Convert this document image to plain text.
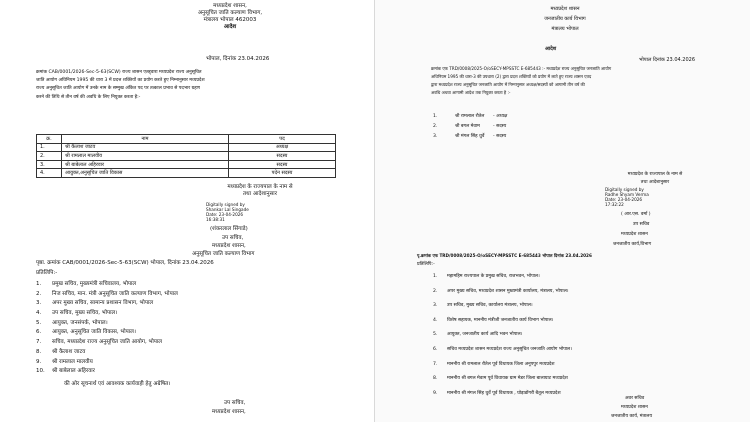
मध्यप्रदेश शासन,
अनुसूचित जाति कल्याण विभाग,
मंत्रालय भोपाल 462003
आदेश
भोपाल, दिनांक 23.04.2026
क्रमांक CAB/0001/2026-Sec-5-63(SCW) राज्य शासन एतद्द्वारा मध्यप्रदेश राज्य अनुसूचित
जाति आयोग अधिनियम 1995 की धारा 3 में प्रदत्त शक्तियों का प्रयोग करते हुए निम्नानुसार मध्यप्रदेश
राज्य अनुसूचित जाति आयोग में उनके नाम के सम्मुख अंकित पद पर तत्काल प्रभाव से पदभार ग्रहण
करने की तिथि से तीन वर्ष की अवधि के लिए नियुक्त करता है:-
क्र.	नाम	पद
1.	श्री कैलाश जाटव	अध्यक्ष
2.	श्री रामलाल मालवीय	सदस्य
3.	श्री बाबेलाल अहिरवार	सदस्य
4.	आयुक्त,अनुसूचित जाति विकास	पदेन सदस्य
मध्यप्रदेश के राज्यपाल के नाम से
तथा आदेशानुसार
Digitally signed by
Shankar Lal Singade
Date: 23-04-2026
16:38:31
(शंकरलाल सिंगाडे)
उप सचिव,
मध्यप्रदेश शासन,
अनुसूचित जाति कल्याण विभाग
पृष्ठा. क्रमांक CAB/0001/2026-Sec-5-63(SCW) भोपाल, दिनांक 23.04.2026
प्रतिलिपि:-
1. प्रमुख सचिव, मुख्यमंत्री सचिवालय, भोपाल
2. निज सचिव, मान. मंत्री अनुसूचित जाति कल्याण विभाग, भोपाल
3. अपर मुख्य सचिव, सामान्य प्रशासन विभाग, भोपाल
4. उप सचिव, मुख्य सचिव, भोपाल।
5. आयुक्त, जनसंपर्क, भोपाल।
6. आयुक्त, अनुसूचित जाति विकास, भोपाल।
7. सचिव, मध्यप्रदेश राज्य अनुसूचित जाति आयोग, भोपाल
8. श्री कैलाश जाटव
9. श्री रामलाल मालवीय
10. श्री बाबेलाल अहिरवार
की ओर सूचनार्थ एवं आवश्यक कार्यवाही हेतु अग्रेषित।
उप सचिव,
मध्यप्रदेश शासन,
मध्यप्रदेश शासन
जनजातीय कार्य विभाग
मंत्रालय भोपाल
आदेश
भोपाल दिनांक 23.04.2026
क्रमांक एफ TRD/0008/2025-O/oSECY-MPSSTC E-685443 :- मध्यप्रदेश राज्य अनुसूचित जनजाति आयोग
अधिनियम 1995 की धारा-3 की उपधारा (2) द्वारा प्रदत्त शक्तियों को प्रयोग में लाते हुए राज्य शासन एतद
द्वारा मध्यप्रदेश राज्य अनुसूचित जनजाति आयोग में निम्नानुसार अध्यक्ष/सदस्यों को आगामी तीन वर्ष की
अवधि अथवा आगामी आदेश तक नियुक्त करता है :-
1.	श्री रामलाल रौतेल - अध्यक्ष
2.	श्री बगल मेवाम	- सदस्य
3.	श्री मंगल सिंह धुर्वे - सदस्य
मध्यप्रदेश के राज्यपाल के नाम से
तथा आदेशानुसार
Digitally signed by
Radhe Shyam Verma
Date: 23-04-2026
17:32:22
( आर.एस. वर्मा )
उप सचिव
मध्यप्रदेश शासन
जनजातीय कार्य,विभाग
पृ.क्रमांक एफ TRD/0008/2025-O/oSECY-MPSSTC E-685443 भोपाल दिनांक 23.04.2026
प्रतिलिपि:-
1. महामहिम राज्यपाल के प्रमुख सचिव, राजभवन, भोपाल।
2. अपर मुख्य सचिव, मध्यप्रदेश शासन मुख्यमंत्री कार्यालय, मंत्रालय, भोपाल।
3. उप सचिव, मुख्य सचिव, कार्यालय मंत्रालय, भोपाल।
4. विशेष सहायक, माननीय मंत्रीजी जनजातीय कार्य विभाग भोपाल।
5. आयुक्त, जनजातीय कार्य आदि भवन भोपाल।
6. सचिव मध्यप्रदेश शासन मध्यप्रदेश राज्य अनुसूचित जनजाति आयोग भोपाल।
7. माननीय श्री रामलाल रौतेल पूर्व विधायक जिला अनूपपुर मध्यप्रदेश
8. माननीय श्री बगल मेवाम पूर्व विधायक ग्राम मेडर जिला बालाघाट मध्यप्रदेश
9. माननीय श्री मंगल सिंह धुर्वे पूर्व विधायक , घोड़ाडोंगरी बैतूल मध्यप्रदेश
अवर सचिव
मध्यप्रदेश शासन
जनजातीय कार्य, मंत्रालय
